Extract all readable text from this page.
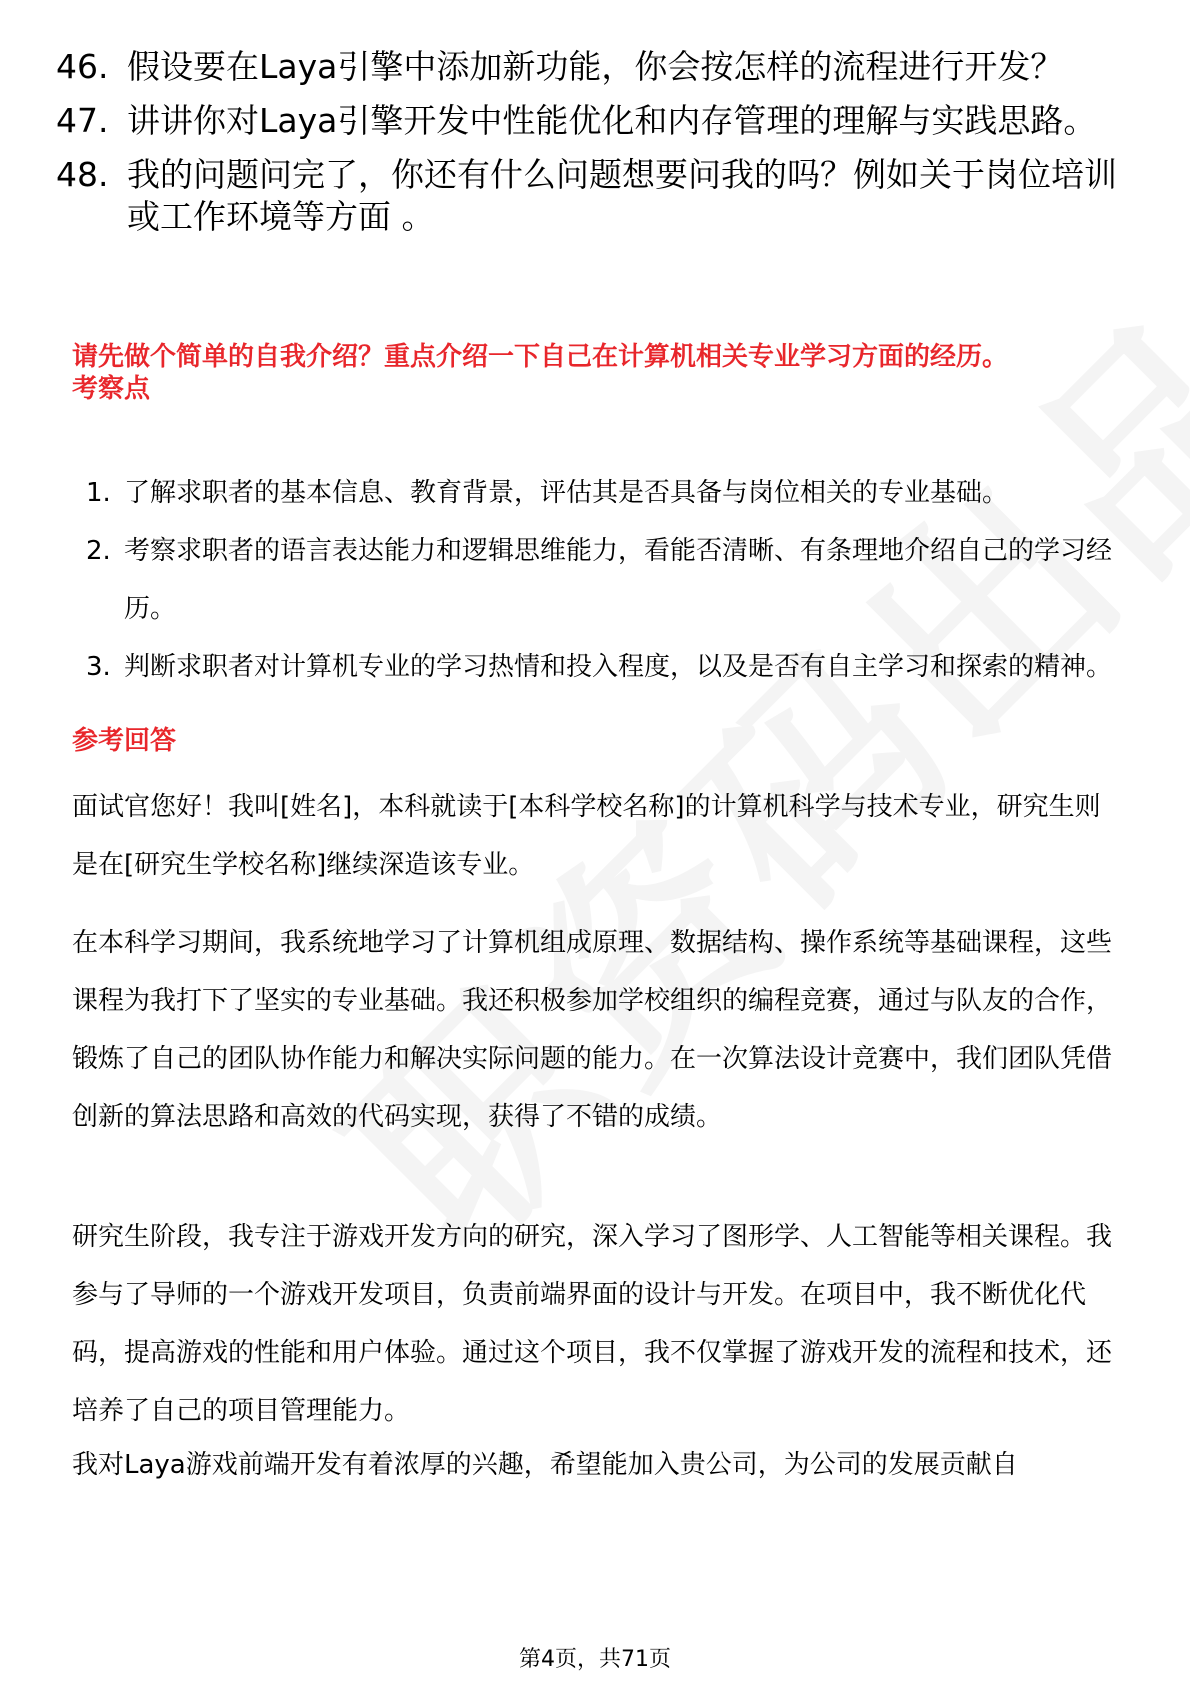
46. 假设要在Laya引擎中添加新功能，你会按怎样的流程进行开发？
47. 讲讲你对Laya引擎开发中性能优化和内存管理的理解与实践思路。
48. 我的问题问完了，你还有什么问题想要问我的吗？例如关于岗位培训或工作环境等方面 。
请先做个简单的自我介绍？重点介绍一下自己在计算机相关专业学习方面的经历。
考察点
1. 了解求职者的基本信息、教育背景，评估其是否具备与岗位相关的专业基础。
2. 考察求职者的语言表达能力和逻辑思维能力，看能否清晰、有条理地介绍自己的学习经历。
3. 判断求职者对计算机专业的学习热情和投入程度，以及是否有自主学习和探索的精神。
参考回答
面试官您好！我叫[姓名]，本科就读于[本科学校名称]的计算机科学与技术专业，研究生则是在[研究生学校名称]继续深造该专业。
在本科学习期间，我系统地学习了计算机组成原理、数据结构、操作系统等基础课程，这些课程为我打下了坚实的专业基础。我还积极参加学校组织的编程竞赛，通过与队友的合作，锻炼了自己的团队协作能力和解决实际问题的能力。在一次算法设计竞赛中，我们团队凭借创新的算法思路和高效的代码实现，获得了不错的成绩。
研究生阶段，我专注于游戏开发方向的研究，深入学习了图形学、人工智能等相关课程。我参与了导师的一个游戏开发项目，负责前端界面的设计与开发。在项目中，我不断优化代码，提高游戏的性能和用户体验。通过这个项目，我不仅掌握了游戏开发的流程和技术，还培养了自己的项目管理能力。
我对Laya游戏前端开发有着浓厚的兴趣，希望能加入贵公司，为公司的发展贡献自
第4页，共71页
